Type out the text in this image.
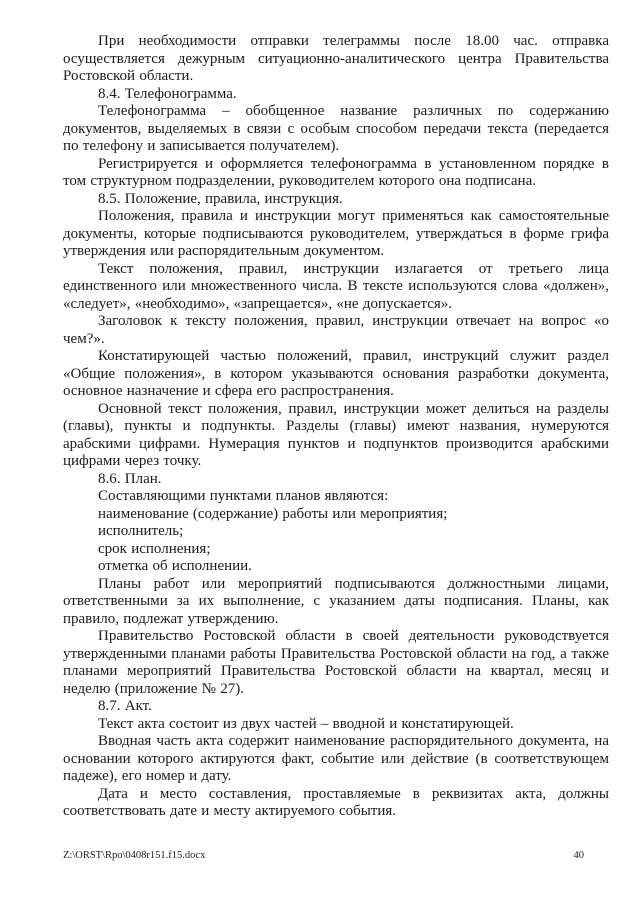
При необходимости отправки телеграммы после 18.00 час. отправка осуществляется дежурным ситуационно-аналитического центра Правительства Ростовской области.

8.4. Телефонограмма.

Телефонограмма – обобщенное название различных по содержанию документов, выделяемых в связи с особым способом передачи текста (передается по телефону и записывается получателем).

Регистрируется и оформляется телефонограмма в установленном порядке в том структурном подразделении, руководителем которого она подписана.

8.5. Положение, правила, инструкция.

Положения, правила и инструкции могут применяться как самостоятельные документы, которые подписываются руководителем, утверждаться в форме грифа утверждения или распорядительным документом.

Текст положения, правил, инструкции излагается от третьего лица единственного или множественного числа. В тексте используются слова «должен», «следует», «необходимо», «запрещается», «не допускается».

Заголовок к тексту положения, правил, инструкции отвечает на вопрос «о чем?».

Констатирующей частью положений, правил, инструкций служит раздел «Общие положения», в котором указываются основания разработки документа, основное назначение и сфера его распространения.

Основной текст положения, правил, инструкции может делиться на разделы (главы), пункты и подпункты. Разделы (главы) имеют названия, нумеруются арабскими цифрами. Нумерация пунктов и подпунктов производится арабскими цифрами через точку.

8.6. План.

Составляющими пунктами планов являются:

наименование (содержание) работы или мероприятия;

исполнитель;

срок исполнения;

отметка об исполнении.

Планы работ или мероприятий подписываются должностными лицами, ответственными за их выполнение, с указанием даты подписания. Планы, как правило, подлежат утверждению.

Правительство Ростовской области в своей деятельности руководствуется утвержденными планами работы Правительства Ростовской области на год, а также планами мероприятий Правительства Ростовской области на квартал, месяц и неделю (приложение № 27).

8.7. Акт.

Текст акта состоит из двух частей – вводной и констатирующей.

Вводная часть акта содержит наименование распорядительного документа, на основании которого актируются факт, событие или действие (в соответствующем падеже), его номер и дату.

Дата и место составления, проставляемые в реквизитах акта, должны соответствовать дате и месту актируемого события.

Z:\ORST\Rpo\0408r151.f15.docx	40
